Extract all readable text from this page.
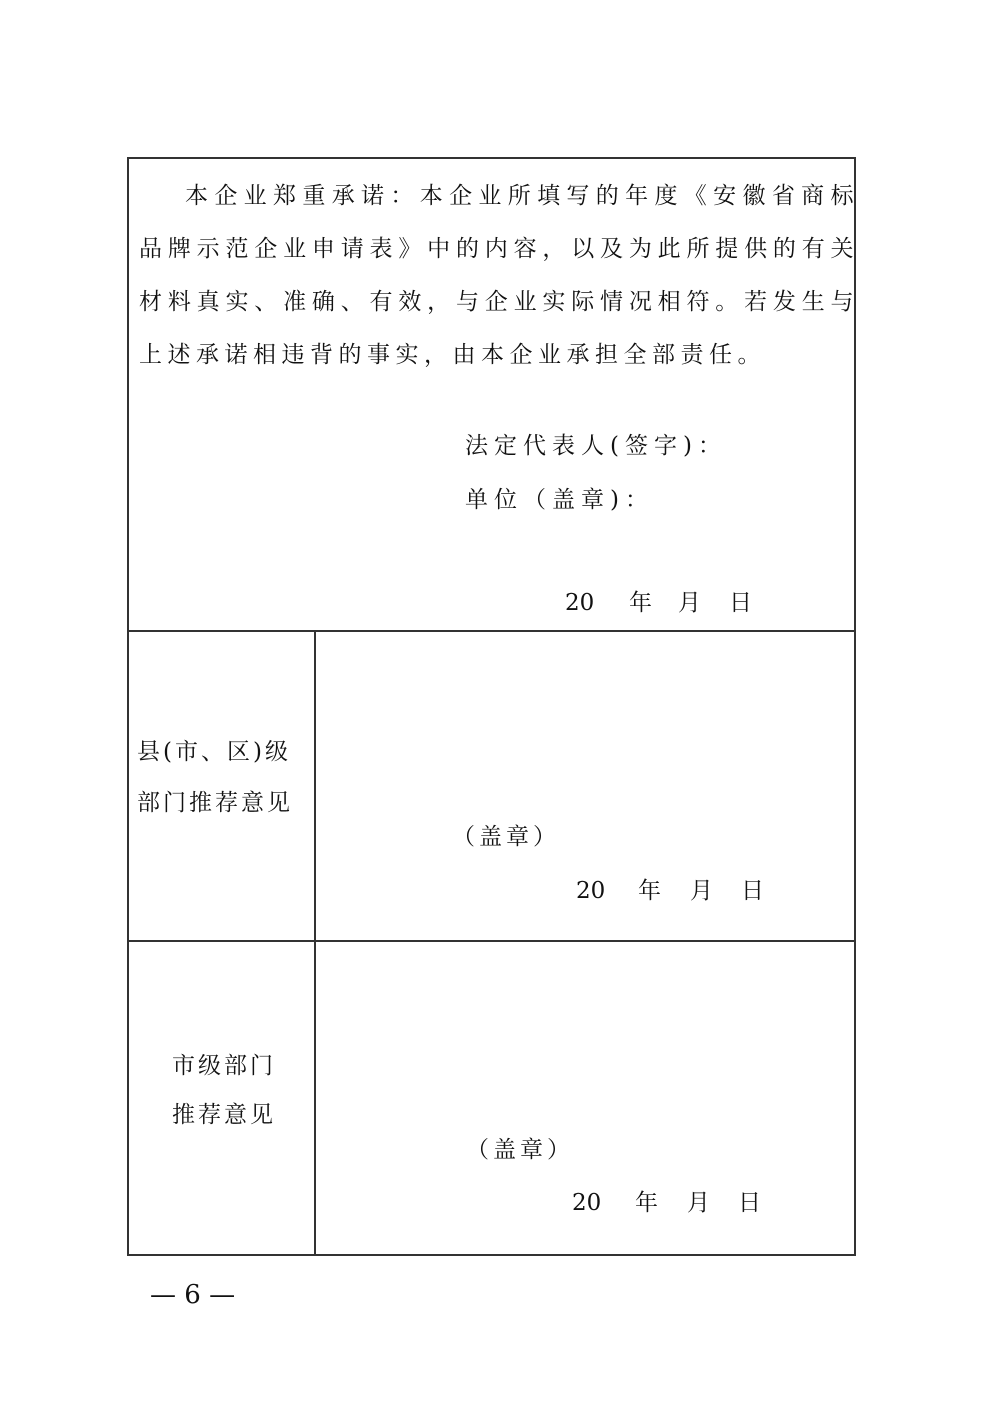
本企业郑重承诺：本企业所填写的年度《安徽省商标品牌示范企业申请表》中的内容，以及为此所提供的有关材料真实、准确、有效，与企业实际情况相符。若发生与上述承诺相违背的事实，由本企业承担全部责任。
法定代表人(签字)：
单位（盖章)：
20 年 月 日
县(市、区)级
部门推荐意见
（盖章）
20 年 月 日
市级部门
推荐意见
（盖章）
20 年 月 日
— 6 —
